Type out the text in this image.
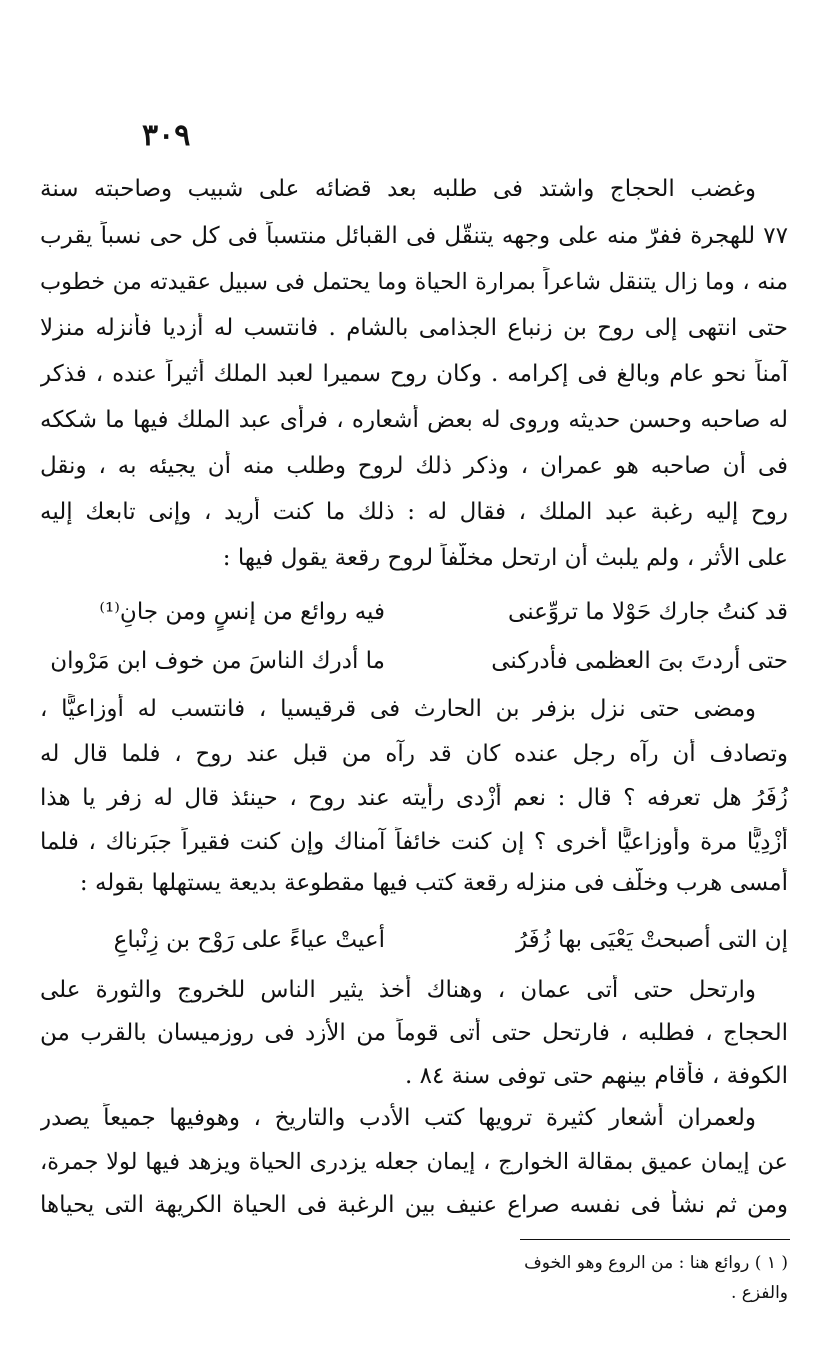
٣٠٩
وغضب الحجاج واشتد فى طلبه بعد قضائه على شبيب وصاحبته سنة
٧٧ للهجرة ففرّ منه على وجهه يتنقّل فى القبائل منتسباً فى كل حى نسباً يقرب
منه ، وما زال يتنقل شاعراً بمرارة الحياة وما يحتمل فى سبيل عقيدته من خطوب
حتى انتهى إلى روح بن زنباع الجذامى بالشام . فانتسب له أزديا فأنزله منزلا
آمناً نحو عام وبالغ فى إكرامه . وكان روح سميرا لعبد الملك أثيراً عنده ، فذكر
له صاحبه وحسن حديثه وروى له بعض أشعاره ، فرأى عبد الملك فيها ما شككه
فى أن صاحبه هو عمران ، وذكر ذلك لروح وطلب منه أن يجيئه به ، ونقل
روح إليه رغبة عبد الملك ، فقال له : ذلك ما كنت أريد ، وإنى تابعك إليه
على الأثر ، ولم يلبث أن ارتحل مخلّفاً لروح رقعة يقول فيها :
قد كنتُ جارك حَوْلا ما تروِّعنى
فيه روائع من إنسٍ ومن جانِ⁽¹⁾
حتى أردتَ بىَ العظمى فأدركنى
ما أدرك الناسَ من خوف ابن مَرْوان
ومضى حتى نزل بزفر بن الحارث فى قرقيسيا ، فانتسب له أوزاعيًّا ،
وتصادف أن رآه رجل عنده كان قد رآه من قبل عند روح ، فلما قال له
زُفَرُ هل تعرفه ؟ قال : نعم أزْدى رأيته عند روح ، حينئذ قال له زفر يا هذا
أزْدِيًّا مرة وأوزاعيًّا أخرى ؟ إن كنت خائفاً آمناك وإن كنت فقيراً جبَرناك ، فلما
أمسى هرب وخلَّف فى منزله رقعة كتب فيها مقطوعة بديعة يستهلها بقوله :
إن التى أصبحتْ يَعْيَى بها زُفَرُ
أعيتْ عياءً على رَوْح بن زِنْباعِ
وارتحل حتى أتى عمان ، وهناك أخذ يثير الناس للخروج والثورة على
الحجاج ، فطلبه ، فارتحل حتى أتى قوماً من الأزد فى روزميسان بالقرب من
الكوفة ، فأقام بينهم حتى توفى سنة ٨٤ .
ولعمران أشعار كثيرة ترويها كتب الأدب والتاريخ ، وهوفيها جميعاً يصدر
عن إيمان عميق بمقالة الخوارج ، إيمان جعله يزدرى الحياة ويزهد فيها لولا جمرة،
ومن ثم نشأ فى نفسه صراع عنيف بين الرغبة فى الحياة الكريهة التى يحياها
( ١ ) روائع هنا : من الروع وهو الخوف
والفزع .
